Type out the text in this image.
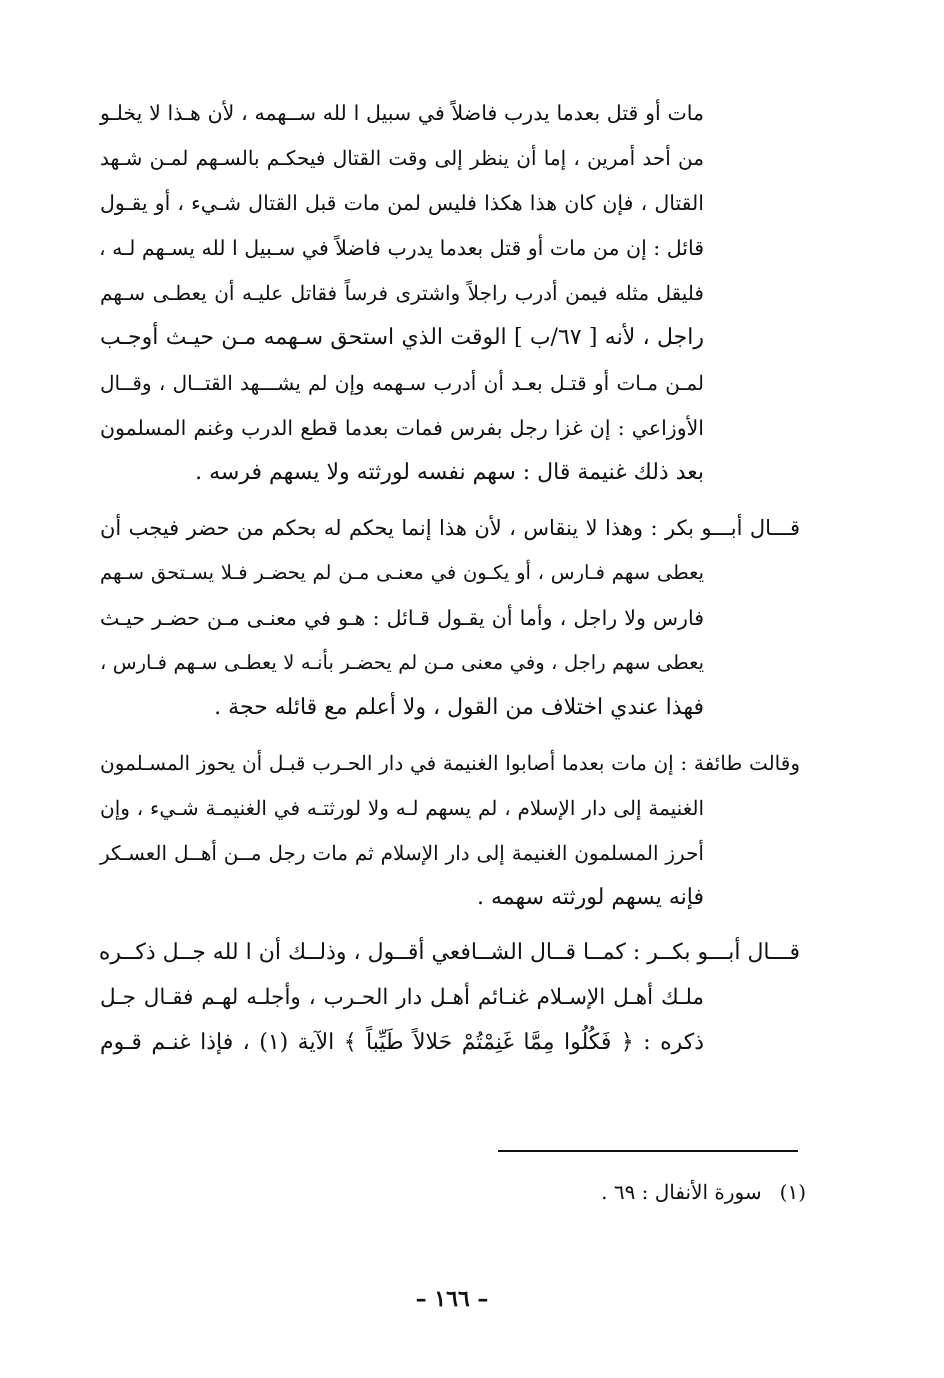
مات أو قتل بعدما يدرب فاضلاً في سبيل ا لله ســهمه ، لأن هـذا لا يخلـو
من أحد أمرين ، إما أن ينظر إلى وقت القتال فيحكـم بالسـهم لمـن شـهد
القتال ، فإن كان هذا هكذا فليس لمن مات قبل القتال شـيء ، أو يقـول
قائل : إن من مات أو قتل بعدما يدرب فاضلاً في سـبيل ا لله يسـهم لـه ،
فليقل مثله فيمن أدرب راجلاً واشترى فرساً فقاتل عليـه أن يعطـى سـهم
راجل ، لأنه [ ٦٧/ب ] الوقت الذي استحق سـهمه مـن حيـث أوجـب
لمـن مـات أو قتـل بعـد أن أدرب سـهمه وإن لم يشـــهد القتــال ، وقــال
الأوزاعي : إن غزا رجل بفرس فمات بعدما قطع الدرب وغنم المسلمون
بعد ذلك غنيمة قال : سهم نفسه لورثته ولا يسهم فرسه .
قـــال أبـــو بكر : وهذا لا ينقاس ، لأن هذا إنما يحكم له بحكم من حضر فيجب أن
يعطى سهم فـارس ، أو يكـون في معنـى مـن لم يحضـر فـلا يسـتحق سـهم
فارس ولا راجل ، وأما أن يقـول قـائل : هـو في معنـى مـن حضـر حيـث
يعطى سهم راجل ، وفي معنى مـن لم يحضـر بأنـه لا يعطـى سـهم فـارس ،
فهذا عندي اختلاف من القول ، ولا أعلم مع قائله حجة .
وقالت طائفة : إن مات بعدما أصابوا الغنيمة في دار الحـرب قبـل أن يحوز المسـلمون
الغنيمة إلى دار الإسلام ، لم يسهم لـه ولا لورثتـه في الغنيمـة شـيء ، وإن
أحرز المسلمون الغنيمة إلى دار الإسلام ثم مات رجل مــن أهــل العسـكر
فإنه يسهم لورثته سهمه .
قـــال أبـــو بكــر : كمــا قــال الشــافعي أقــول ، وذلــك أن ا لله جــل ذكــره
ملـك أهـل الإسـلام غنـائم أهـل دار الحـرب ، وأجلـه لهـم فقـال جـل
ذكره : ﴿ فَكُلُوا مِمَّا غَنِمْتُمْ حَلالاً طَيِّباً ﴾ الآية (١) ، فإذا غنـم قـوم
(١)سورة الأنفال : ٦٩ .
– ١٦٦ –
